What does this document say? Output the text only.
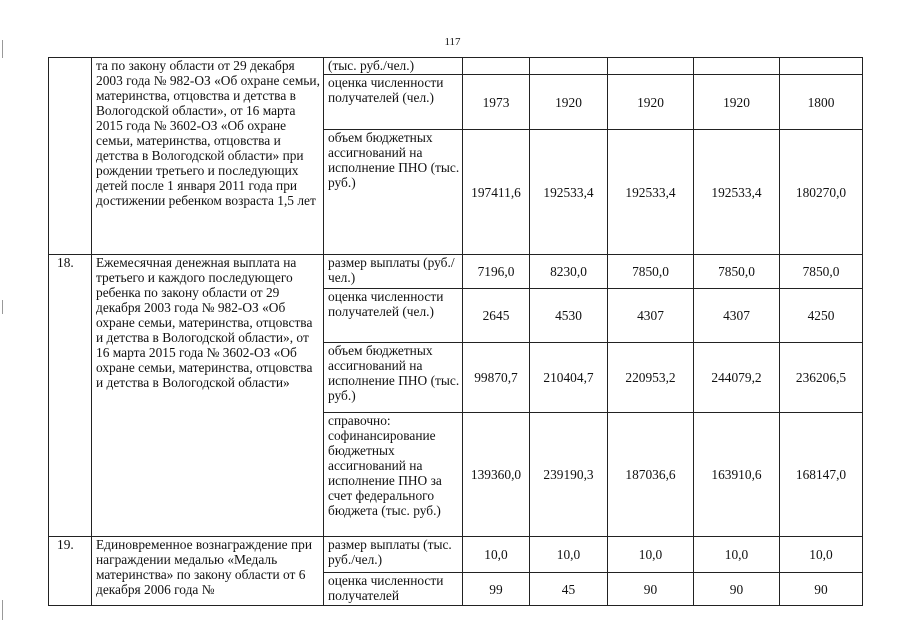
117
	та по закону области от 29 декабря 2003 года № 982-ОЗ «Об охране семьи, материнства, отцовства и детства в Вологодской области», от 16 марта 2015 года № 3602-ОЗ «Об охране семьи, материнства, отцовства и детства в Вологодской области» при рождении третьего и последующих детей после 1 января 2011 года при достижении ребенком возраста 1,5 лет	(тыс. руб./чел.)					
		оценка численности получателей (чел.)	1973	1920	1920	1920	1800
		объем бюджетных ассигнований на исполнение ПНО (тыс. руб.)	197411,6	192533,4	192533,4	192533,4	180270,0
18.	Ежемесячная денежная выплата на третьего и каждого последующего ребенка по закону области от 29 декабря 2003 года № 982-ОЗ «Об охране семьи, материнства, отцовства и детства в Вологодской области», от 16 марта 2015 года № 3602-ОЗ «Об охране семьи, материнства, отцовства и детства в Вологодской области»	размер выплаты (руб./чел.)	7196,0	8230,0	7850,0	7850,0	7850,0
		оценка численности получателей (чел.)	2645	4530	4307	4307	4250
		объем бюджетных ассигнований на исполнение ПНО (тыс. руб.)	99870,7	210404,7	220953,2	244079,2	236206,5
		справочно: софинансирование бюджетных ассигнований на исполнение ПНО за счет федерального бюджета (тыс. руб.)	139360,0	239190,3	187036,6	163910,6	168147,0
19.	Единовременное вознаграждение при награждении медалью «Медаль материнства» по закону области от 6 декабря 2006 года №	размер выплаты (тыс. руб./чел.)	10,0	10,0	10,0	10,0	10,0
		оценка численности получателей	99	45	90	90	90
